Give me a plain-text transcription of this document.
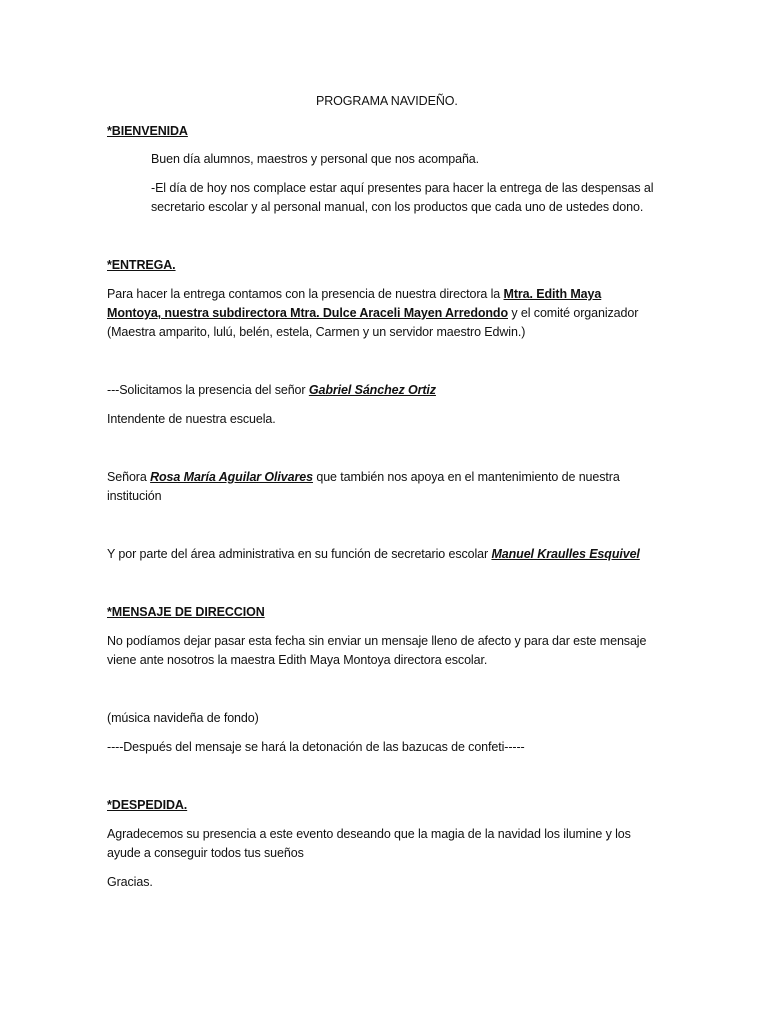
PROGRAMA NAVIDEÑO.
*BIENVENIDA
Buen día alumnos, maestros y personal que nos acompaña.
-El día de hoy nos complace estar aquí presentes para hacer la entrega de las despensas al
secretario escolar y al personal manual, con los productos que cada uno de ustedes dono.
*ENTREGA.
Para hacer la entrega contamos con la presencia de nuestra directora la Mtra. Edith Maya
Montoya, nuestra subdirectora Mtra. Dulce Araceli Mayen Arredondo y el comité organizador
(Maestra amparito, lulú, belén, estela, Carmen y un servidor maestro Edwin.)
---Solicitamos la presencia del señor Gabriel Sánchez Ortiz
Intendente de nuestra escuela.
Señora Rosa María Aguilar Olivares que también nos apoya en el mantenimiento de nuestra
institución
Y por parte del área administrativa en su función de secretario escolar Manuel Kraulles Esquivel
*MENSAJE DE DIRECCION
No podíamos dejar pasar esta fecha sin enviar un mensaje lleno de afecto y para dar este mensaje
viene ante nosotros la maestra Edith Maya Montoya directora escolar.
(música navideña de fondo)
----Después del mensaje se hará la detonación de las bazucas de confeti-----
*DESPEDIDA.
Agradecemos su presencia a este evento deseando que la magia de la navidad los ilumine y los
ayude a conseguir todos tus sueños
Gracias.
